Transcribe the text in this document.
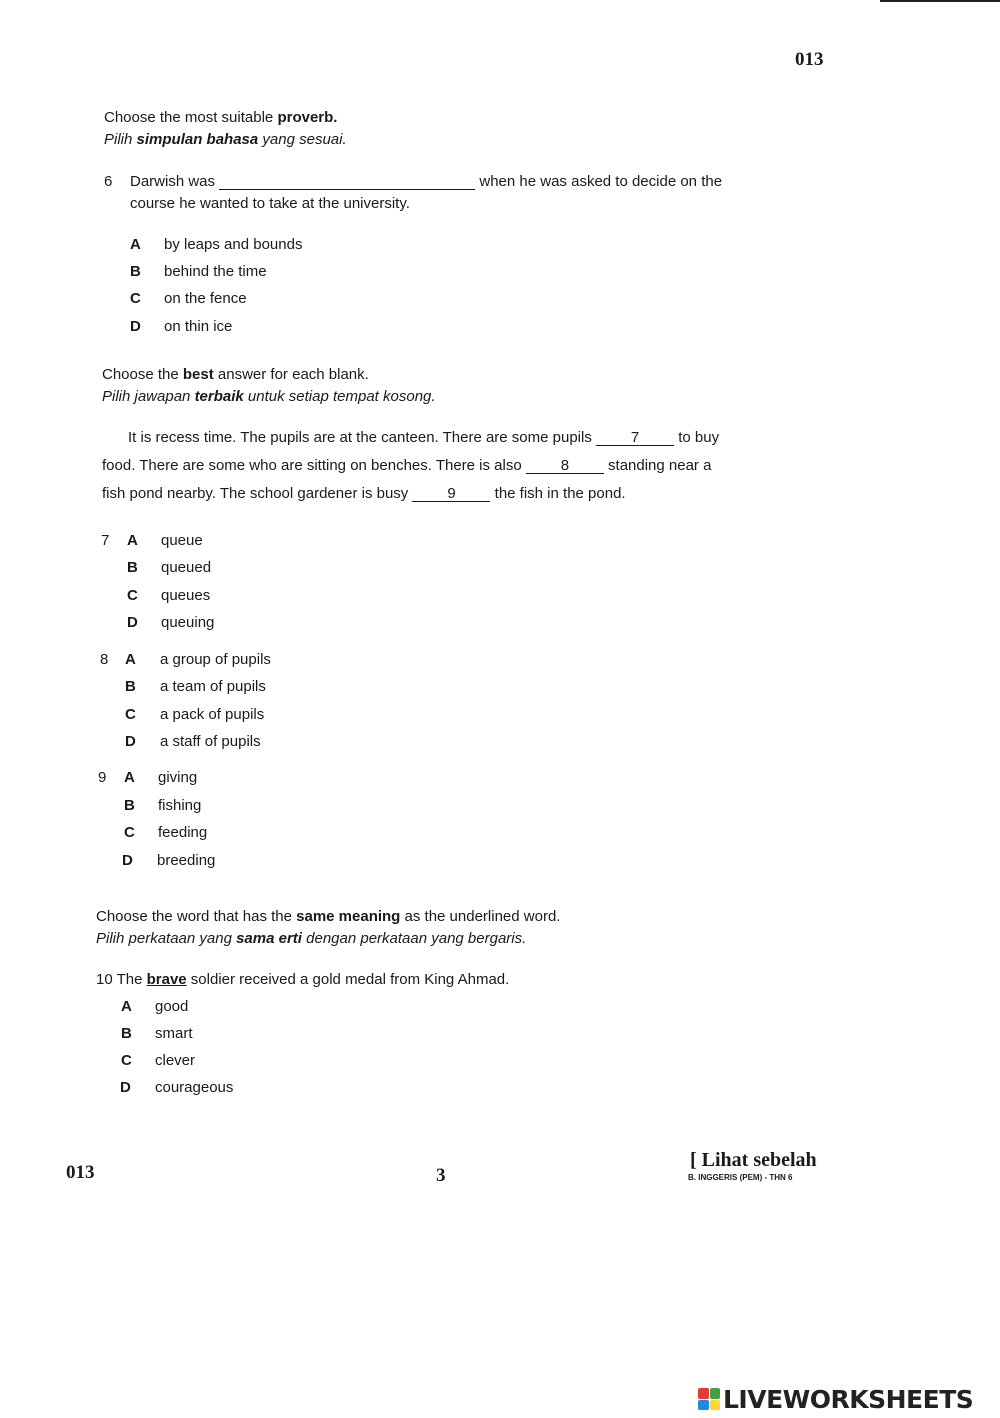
013
Choose the most suitable proverb.
Pilih simpulan bahasa yang sesuai.
6 Darwish was	when he was asked to decide on the
course he wanted to take at the university.
A by leaps and bounds
B behind the time
C on the fence
D on thin ice
Choose the best answer for each blank.
Pilih jawapan terbaik untuk setiap tempat kosong.
It is recess time. The pupils are at the canteen. There are some pupils	7	to buy
food. There are some who are sitting on benches. There is also	8	standing near a
fish pond nearby. The school gardener is busy	9	the fish in the pond.
7 A queue
B queued
C queues
D queuing
8 A a group of pupils
B a team of pupils
C a pack of pupils
D a staff of pupils
9 A giving
B fishing
C feeding
D breeding
Choose the word that has the same meaning as the underlined word.
Pilih perkataan yang sama erti dengan perkataan yang bergaris.
10 The brave soldier received a gold medal from King Ahmad.
A good
B smart
C clever
D courageous
013	3
[ Lihat sebelah
B. INGGERIS (PEM) - THN 6
LIVEWORKSHEETS
